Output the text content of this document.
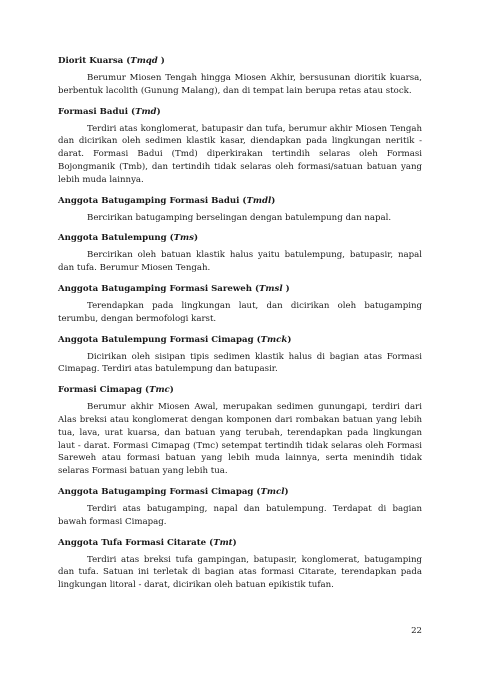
Diorit Kuarsa (Tmqd )

Berumur Miosen Tengah hingga Miosen Akhir, bersusunan dioritik kuarsa, berbentuk lacolith (Gunung Malang), dan di tempat lain berupa retas atau stock.

Formasi Badui (Tmd)

Terdiri atas konglomerat, batupasir dan tufa, berumur akhir Miosen Tengah dan dicirikan oleh sedimen klastik kasar, diendapkan pada lingkungan neritik - darat. Formasi Badui (Tmd) diperkirakan tertindih selaras oleh Formasi Bojongmanik (Tmb), dan tertindih tidak selaras oleh formasi/satuan batuan yang lebih muda lainnya.

Anggota Batugamping Formasi Badui (Tmdl)

Bercirikan batugamping berselingan dengan batulempung dan napal.

Anggota Batulempung (Tms)

Bercirikan oleh batuan klastik halus yaitu batulempung, batupasir, napal dan tufa. Berumur Miosen Tengah.

Anggota Batugamping Formasi Sareweh (Tmsl )

Terendapkan pada lingkungan laut, dan dicirikan oleh batugamping terumbu, dengan bermofologi karst.

Anggota Batulempung Formasi Cimapag (Tmck)

Dicirikan oleh sisipan tipis sedimen klastik halus di bagian atas Formasi Cimapag. Terdiri atas batulempung dan batupasir.

Formasi Cimapag (Tmc)

Berumur akhir Miosen Awal, merupakan sedimen gunungapi, terdiri dari Alas breksi atau konglomerat dengan komponen dari rombakan batuan yang lebih tua, lava, urat kuarsa, dan batuan yang terubah, terendapkan pada lingkungan laut - darat. Formasi Cimapag (Tmc) setempat tertindih tidak selaras oleh Formasi Sareweh atau formasi batuan yang lebih muda lainnya, serta menindih tidak selaras Formasi batuan yang lebih tua.

Anggota Batugamping Formasi Cimapag (Tmcl)

Terdiri atas batugamping, napal dan batulempung. Terdapat di bagian bawah formasi Cimapag.

Anggota Tufa Formasi Citarate (Tmt)

Terdiri atas breksi tufa gampingan, batupasir, konglomerat, batugamping dan tufa. Satuan ini terletak di bagian atas formasi Citarate, terendapkan pada lingkungan litoral - darat, dicirikan oleh batuan epikistik tufan.

22
